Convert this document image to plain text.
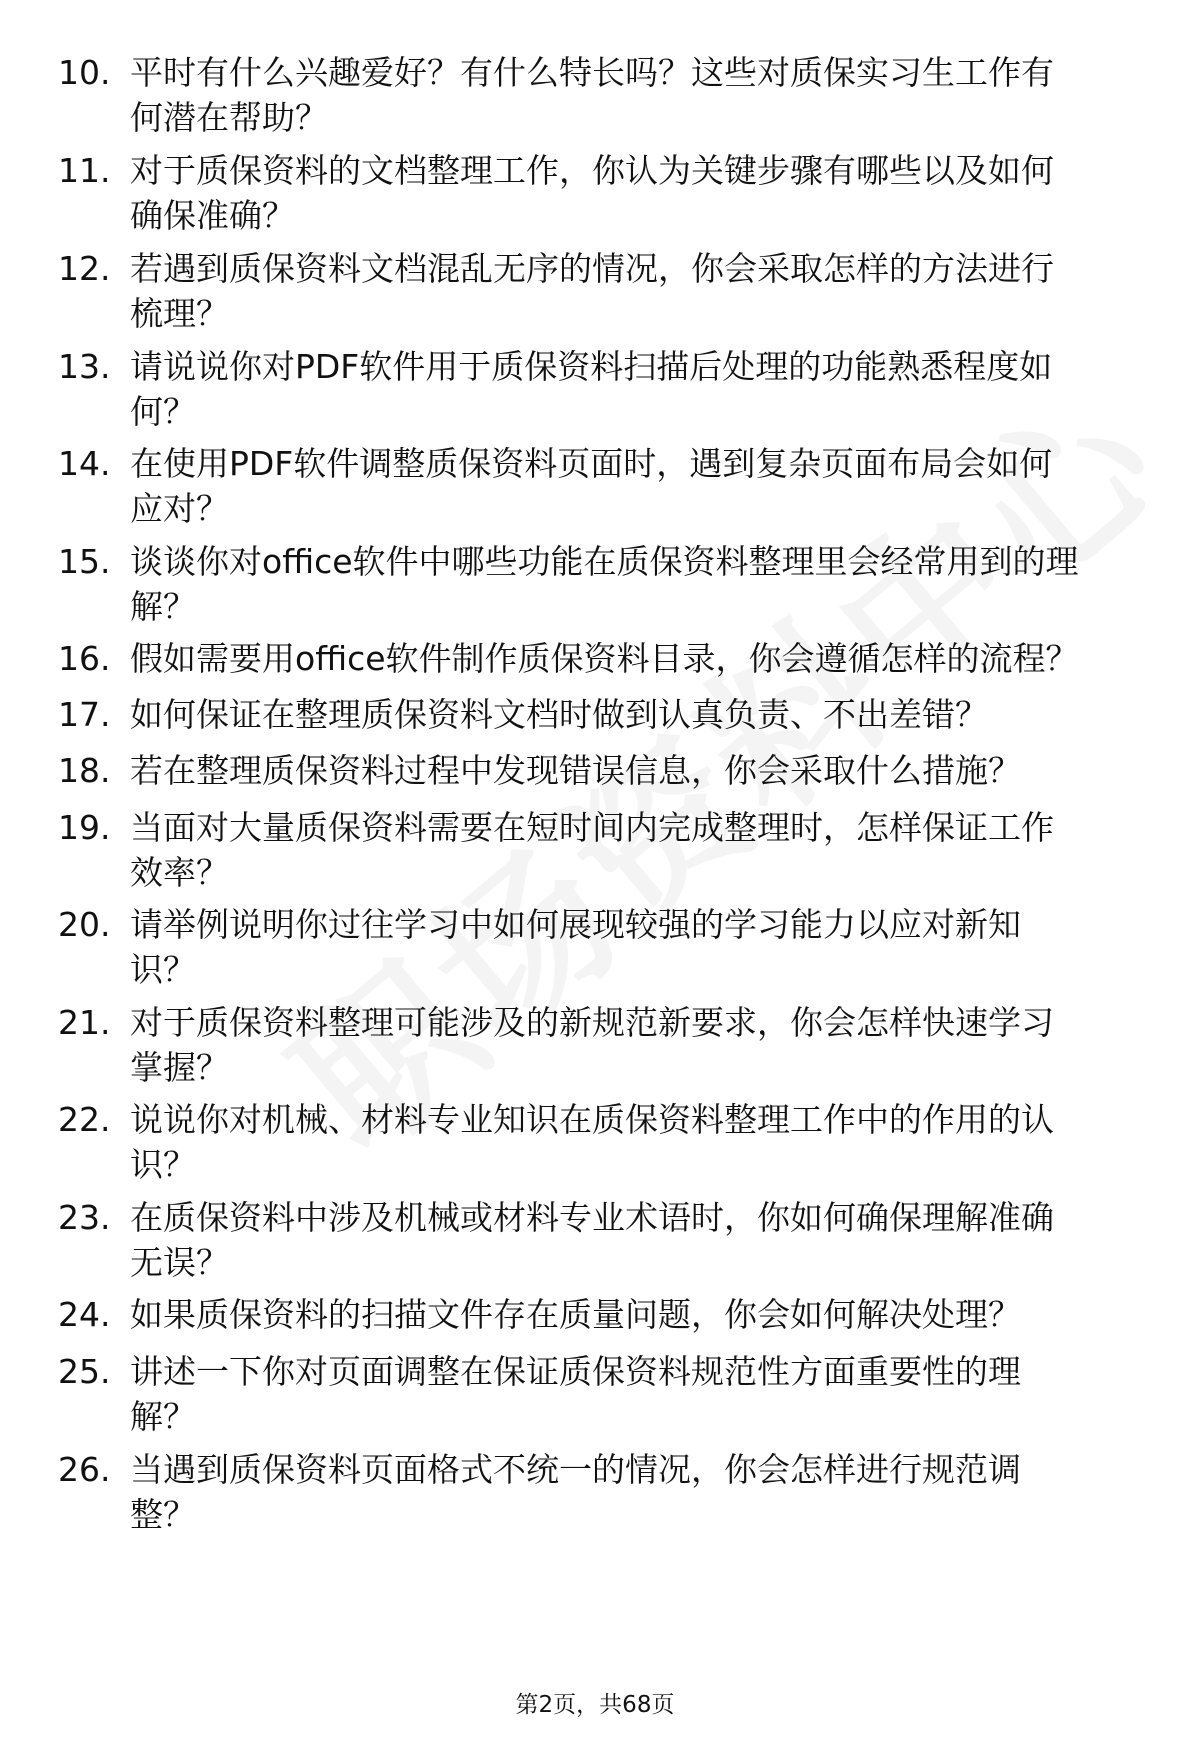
10. 平时有什么兴趣爱好？有什么特长吗？这些对质保实习生工作有
何潜在帮助？
11. 对于质保资料的文档整理工作，你认为关键步骤有哪些以及如何
确保准确？
12. 若遇到质保资料文档混乱无序的情况，你会采取怎样的方法进行
梳理？
13. 请说说你对PDF软件用于质保资料扫描后处理的功能熟悉程度如
何？
14. 在使用PDF软件调整质保资料页面时，遇到复杂页面布局会如何
应对？
15. 谈谈你对office软件中哪些功能在质保资料整理里会经常用到的理
解？
16. 假如需要用office软件制作质保资料目录，你会遵循怎样的流程？
17. 如何保证在整理质保资料文档时做到认真负责、不出差错？
18. 若在整理质保资料过程中发现错误信息，你会采取什么措施？
19. 当面对大量质保资料需要在短时间内完成整理时，怎样保证工作
效率？
20. 请举例说明你过往学习中如何展现较强的学习能力以应对新知
识？
21. 对于质保资料整理可能涉及的新规范新要求，你会怎样快速学习
掌握？
22. 说说你对机械、材料专业知识在质保资料整理工作中的作用的认
识？
23. 在质保资料中涉及机械或材料专业术语时，你如何确保理解准确
无误？
24. 如果质保资料的扫描文件存在质量问题，你会如何解决处理？
25. 讲述一下你对页面调整在保证质保资料规范性方面重要性的理
解？
26. 当遇到质保资料页面格式不统一的情况，你会怎样进行规范调
整？
第2页，共68页
